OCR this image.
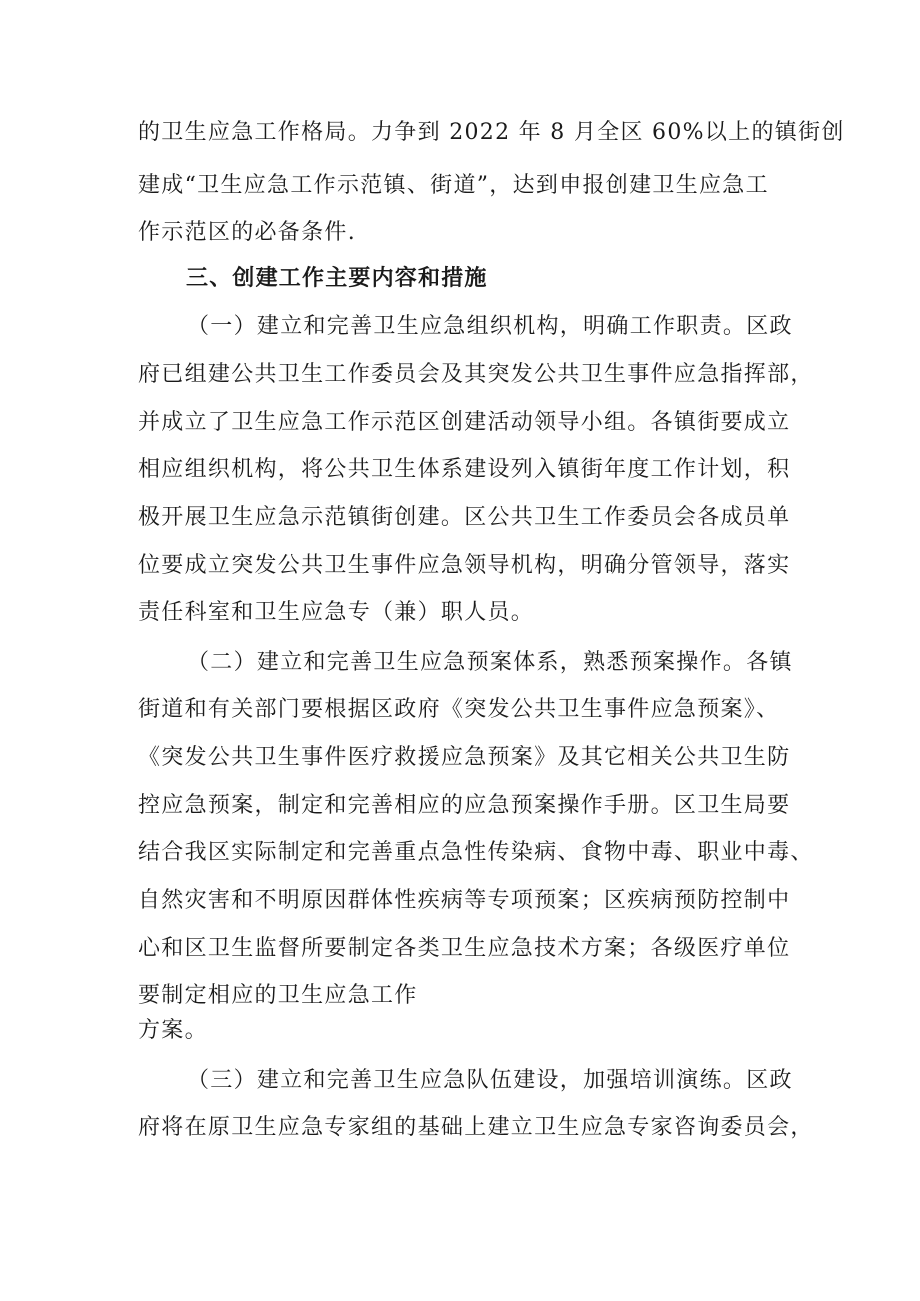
的卫生应急工作格局。力争到 2022 年 8 月全区 60%以上的镇街创
建成“卫生应急工作示范镇、街道”，达到申报创建卫生应急工
作示范区的必备条件.
三、创建工作主要内容和措施
（一）建立和完善卫生应急组织机构，明确工作职责。区政
府已组建公共卫生工作委员会及其突发公共卫生事件应急指挥部，
并成立了卫生应急工作示范区创建活动领导小组。各镇街要成立
相应组织机构，将公共卫生体系建设列入镇街年度工作计划，积
极开展卫生应急示范镇街创建。区公共卫生工作委员会各成员单
位要成立突发公共卫生事件应急领导机构，明确分管领导，落实
责任科室和卫生应急专（兼）职人员。
（二）建立和完善卫生应急预案体系，熟悉预案操作。各镇
街道和有关部门要根据区政府《突发公共卫生事件应急预案》、
《突发公共卫生事件医疗救援应急预案》及其它相关公共卫生防
控应急预案，制定和完善相应的应急预案操作手册。区卫生局要
结合我区实际制定和完善重点急性传染病、食物中毒、职业中毒、
自然灾害和不明原因群体性疾病等专项预案；区疾病预防控制中
心和区卫生监督所要制定各类卫生应急技术方案；各级医疗单位
要制定相应的卫生应急工作
方案。
（三）建立和完善卫生应急队伍建设，加强培训演练。区政
府将在原卫生应急专家组的基础上建立卫生应急专家咨询委员会，
